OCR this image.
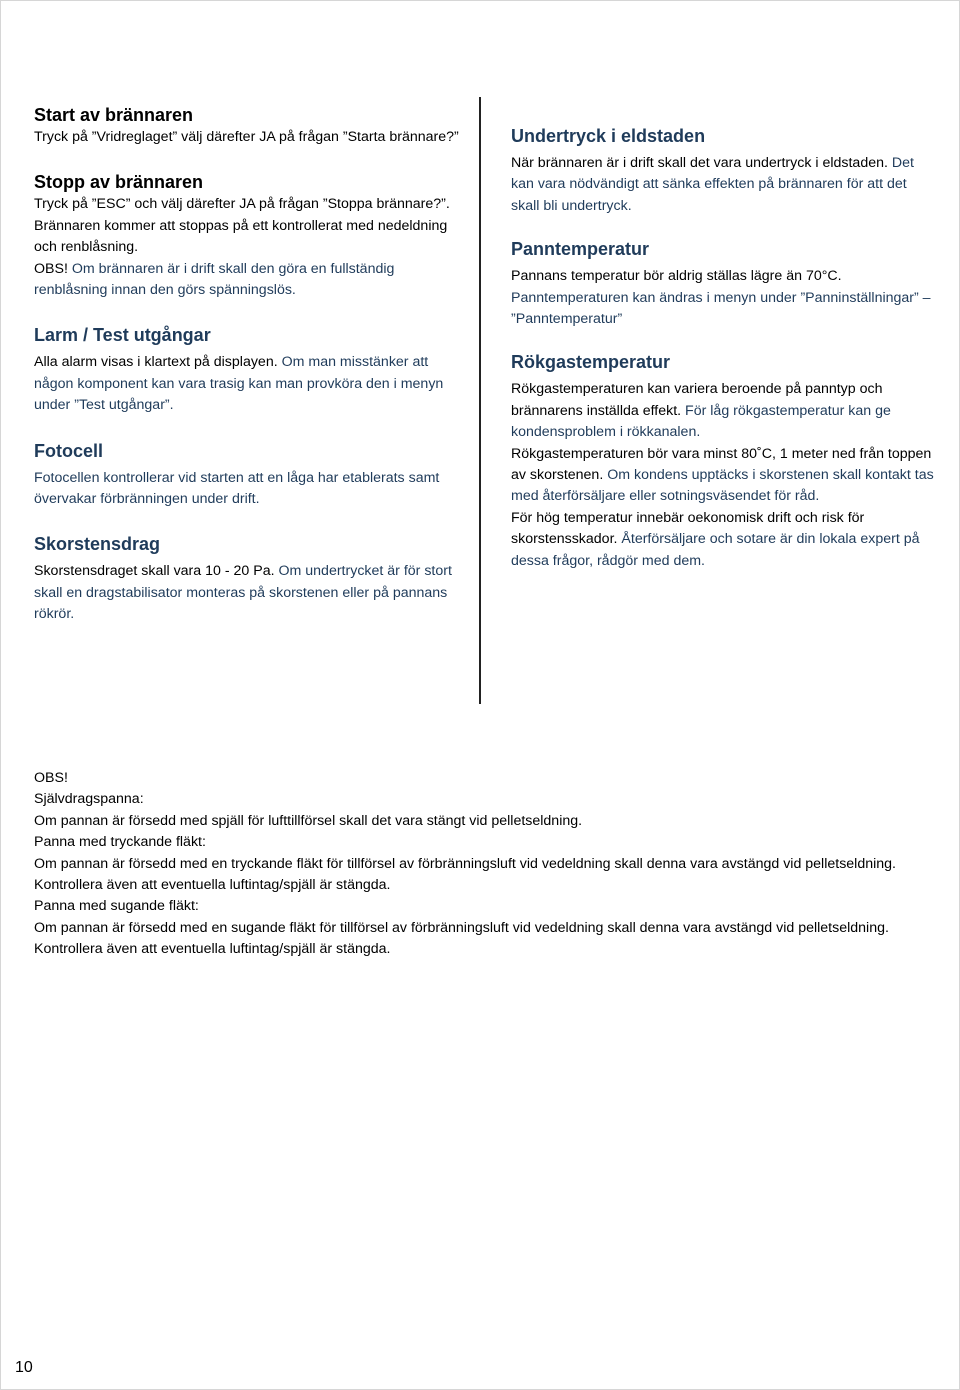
Start av brännaren

Tryck på ”Vridreglaget” välj därefter JA på frågan ”Starta brännare?”

Stopp av brännaren

Tryck på ”ESC” och välj därefter JA på frågan ”Stoppa brännare?”.

Brännaren kommer att stoppas på ett kontrollerat med nedeldning och renblåsning.

OBS! Om brännaren är i drift skall den göra en fullständig renblåsning innan den görs spänningslös.

Larm / Test utgångar

Alla alarm visas i klartext på displayen. Om man misstänker att någon komponent kan vara trasig kan man provköra den i menyn under ”Test utgångar”.

Fotocell

Fotocellen kontrollerar vid starten att en låga har etablerats samt övervakar förbränningen under drift.

Skorstensdrag

Skorstensdraget skall vara 10 - 20 Pa. Om undertrycket är för stort skall en dragstabilisator monteras på skorstenen eller på pannans rökrör.

Undertryck i eldstaden

När brännaren är i drift skall det vara undertryck i eldstaden. Det kan vara nödvändigt att sänka effekten på brännaren för att det skall bli undertryck.

Panntemperatur

Pannans temperatur bör aldrig ställas lägre än 70°C.

Panntemperaturen kan ändras i menyn under ”Panninställningar” – ”Panntemperatur”

Rökgastemperatur

Rökgastemperaturen kan variera beroende på panntyp och brännarens inställda effekt. För låg rökgastemperatur kan ge kondensproblem i rökkanalen.

Rökgastemperaturen bör vara minst 80˚C, 1 meter ned från toppen av skorstenen. Om kondens upptäcks i skorstenen skall kontakt tas med återförsäljare eller sotningsväsendet för råd.

För hög temperatur innebär oekonomisk drift och risk för skorstensskador. Återförsäljare och sotare är din lokala expert på dessa frågor, rådgör med dem.

OBS!

Självdragspanna:

Om pannan är försedd med spjäll för lufttillförsel skall det vara stängt vid pelletseldning.

Panna med tryckande fläkt:

Om pannan är försedd med en tryckande fläkt för tillförsel av förbränningsluft vid vedeldning skall denna vara avstängd vid pelletseldning.

Kontrollera även att eventuella luftintag/spjäll är stängda.

Panna med sugande fläkt:

Om pannan är försedd med en sugande fläkt för tillförsel av förbränningsluft vid vedeldning skall denna vara avstängd vid pelletseldning.

Kontrollera även att eventuella luftintag/spjäll är stängda.

10
